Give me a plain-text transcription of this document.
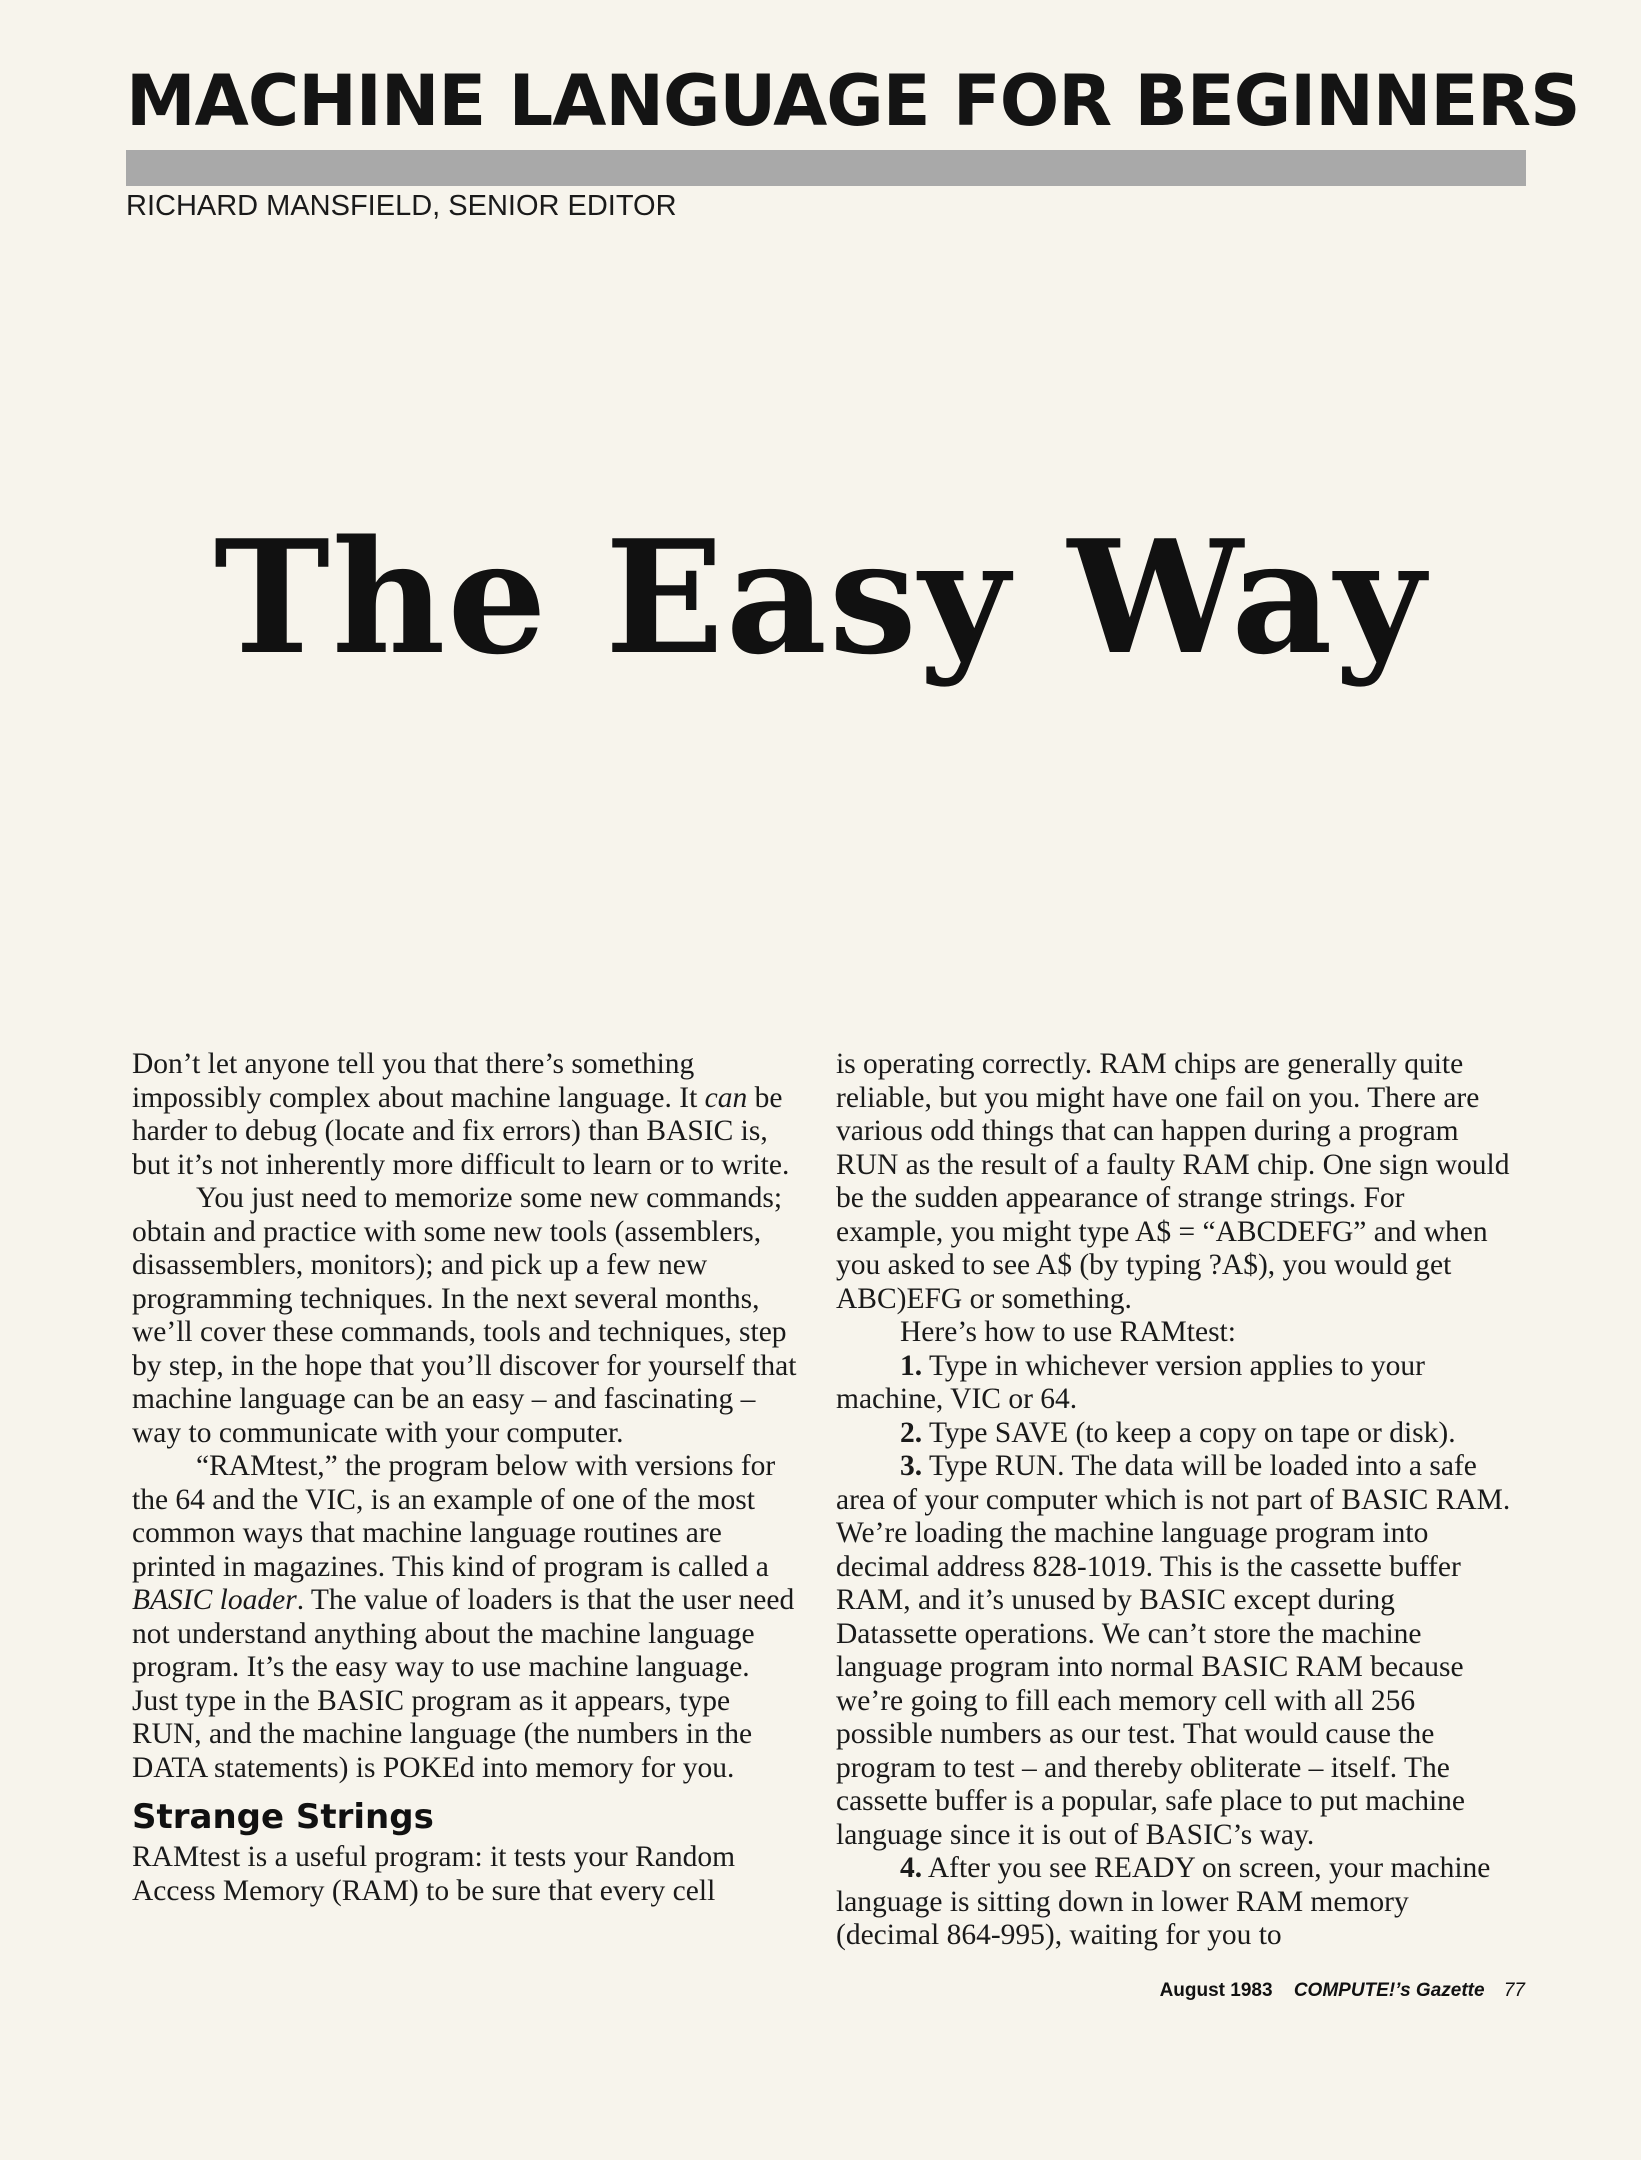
MACHINE LANGUAGE FOR BEGINNERS
RICHARD MANSFIELD, SENIOR EDITOR
The Easy Way

Don’t let anyone tell you that there’s something impossibly complex about machine language. It can be harder to debug (locate and fix errors) than BASIC is, but it’s not inherently more difficult to learn or to write.

You just need to memorize some new commands; obtain and practice with some new tools (assemblers, disassemblers, monitors); and pick up a few new programming techniques. In the next several months, we’ll cover these commands, tools and techniques, step by step, in the hope that you’ll discover for yourself that machine language can be an easy – and fascinating – way to communicate with your computer.

“RAMtest,” the program below with versions for the 64 and the VIC, is an example of one of the most common ways that machine language routines are printed in magazines. This kind of program is called a BASIC loader. The value of loaders is that the user need not understand anything about the machine language program. It’s the easy way to use machine language. Just type in the BASIC program as it appears, type RUN, and the machine language (the numbers in the DATA statements) is POKEd into memory for you.

Strange Strings

RAMtest is a useful program: it tests your Random Access Memory (RAM) to be sure that every cell

is operating correctly. RAM chips are generally quite reliable, but you might have one fail on you. There are various odd things that can happen during a program RUN as the result of a faulty RAM chip. One sign would be the sudden appearance of strange strings. For example, you might type A$ = “ABCDEFG” and when you asked to see A$ (by typing ?A$), you would get ABC)EFG or something.

Here’s how to use RAMtest:

1. Type in whichever version applies to your machine, VIC or 64.

2. Type SAVE (to keep a copy on tape or disk).

3. Type RUN. The data will be loaded into a safe area of your computer which is not part of BASIC RAM. We’re loading the machine language program into decimal address 828-1019. This is the cassette buffer RAM, and it’s unused by BASIC except during Datassette operations. We can’t store the machine language program into normal BASIC RAM because we’re going to fill each memory cell with all 256 possible numbers as our test. That would cause the program to test – and thereby obliterate – itself. The cassette buffer is a popular, safe place to put machine language since it is out of BASIC’s way.

4. After you see READY on screen, your machine language is sitting down in lower RAM memory (decimal 864-995), waiting for you to

August 1983 COMPUTE!’s Gazette 77
